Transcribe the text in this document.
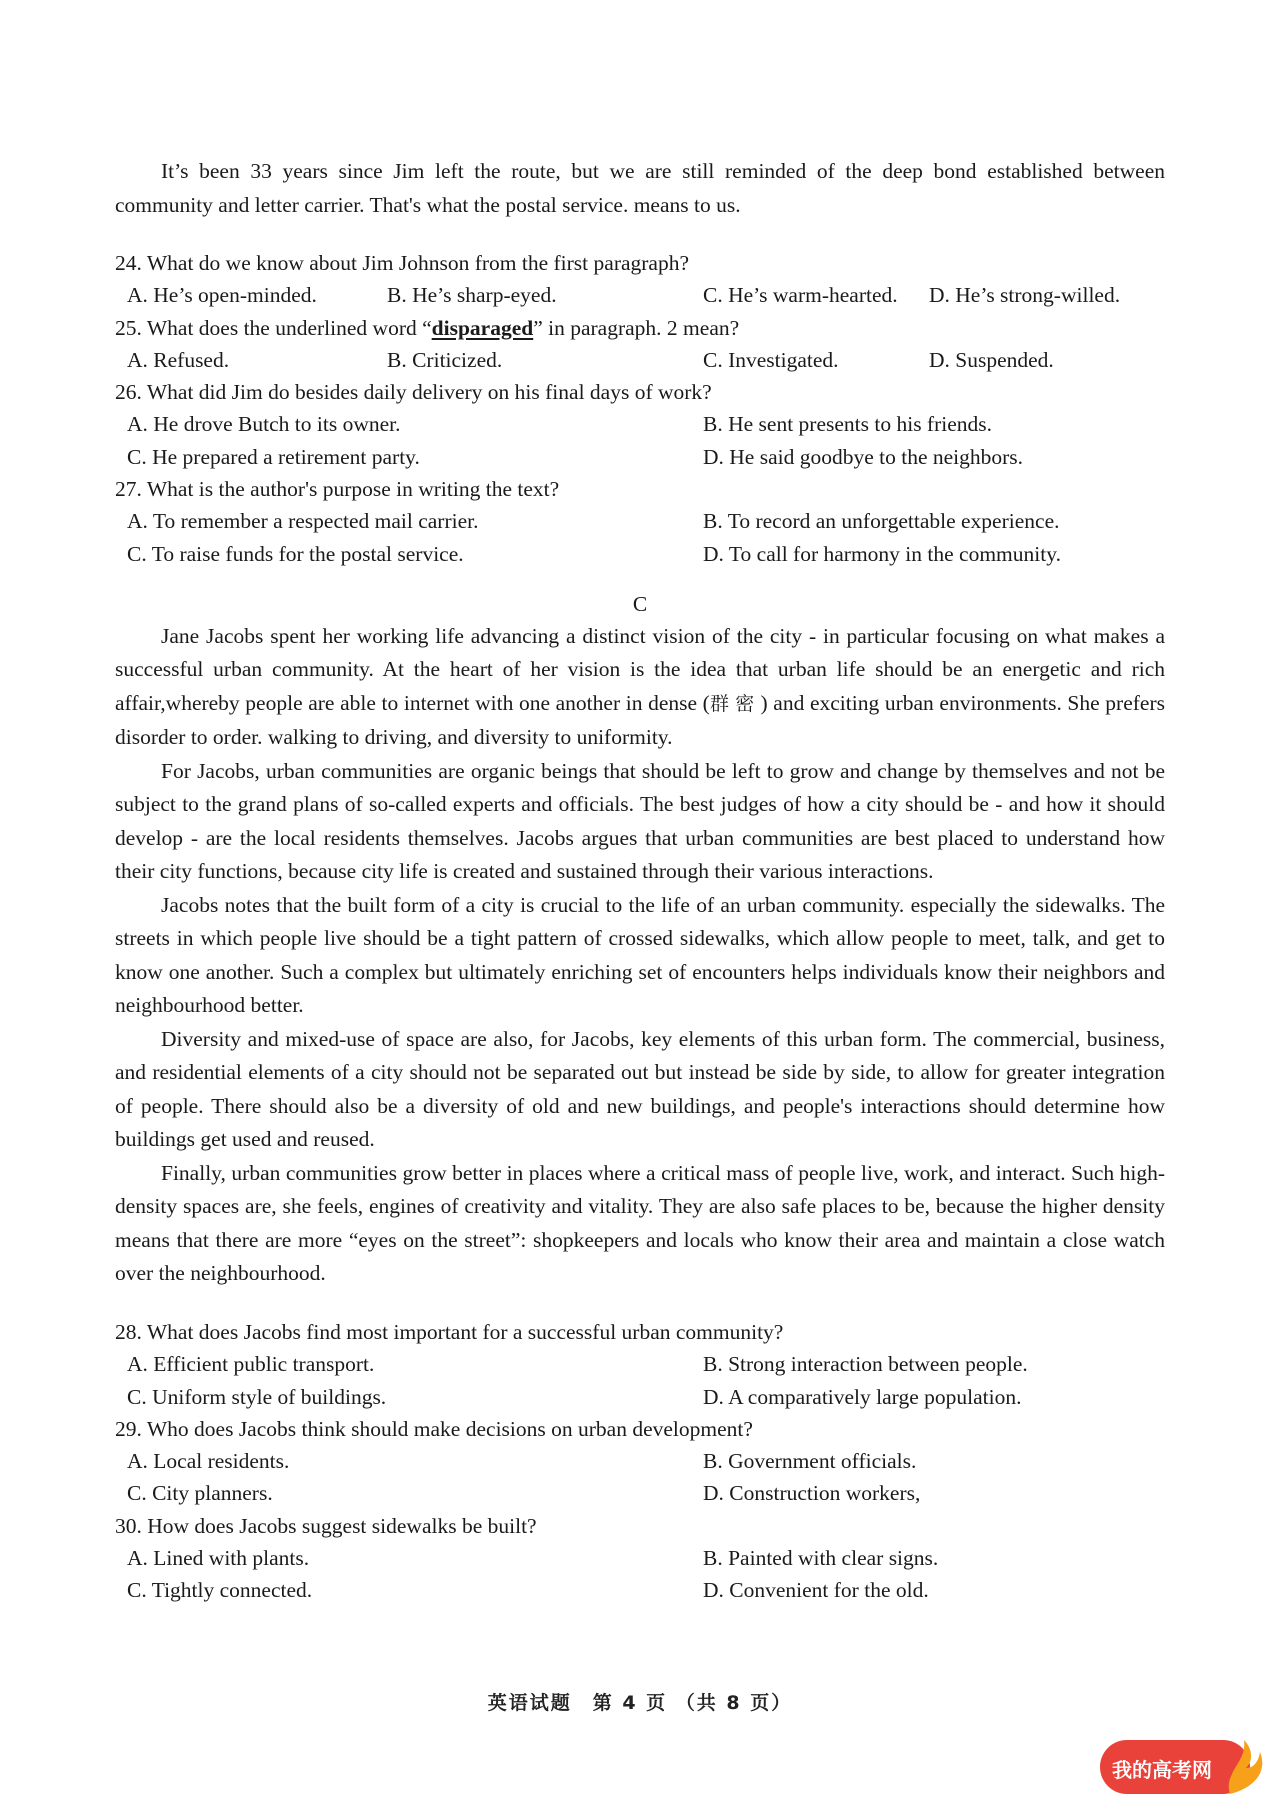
It’s been 33 years since Jim left the route, but we are still reminded of the deep bond established between community and letter carrier. That's what the postal service. means to us.

24. What do we know about Jim Johnson from the first paragraph?

A. He’s open-minded.	B. He’s sharp-eyed.	C. He’s warm-hearted.	D. He’s strong-willed.

25. What does the underlined word “disparaged” in paragraph. 2 mean?

A. Refused.	B. Criticized.	C. Investigated.	D. Suspended.

26. What did Jim do besides daily delivery on his final days of work?

A. He drove Butch to its owner.	B. He sent presents to his friends.
C. He prepared a retirement party.	D. He said goodbye to the neighbors.

27. What is the author's purpose in writing the text?

A. To remember a respected mail carrier.	B. To record an unforgettable experience.
C. To raise funds for the postal service.	D. To call for harmony in the community.

C

Jane Jacobs spent her working life advancing a distinct vision of the city - in particular focusing on what makes a successful urban community. At the heart of her vision is the idea that urban life should be an energetic and rich affair,whereby people are able to internet with one another in dense (群密) and exciting urban environments. She prefers disorder to order. walking to driving, and diversity to uniformity.

For Jacobs, urban communities are organic beings that should be left to grow and change by themselves and not be subject to the grand plans of so-called experts and officials. The best judges of how a city should be - and how it should develop - are the local residents themselves. Jacobs argues that urban communities are best placed to understand how their city functions, because city life is created and sustained through their various interactions.

Jacobs notes that the built form of a city is crucial to the life of an urban community. especially the sidewalks. The streets in which people live should be a tight pattern of crossed sidewalks, which allow people to meet, talk, and get to know one another. Such a complex but ultimately enriching set of encounters helps individuals know their neighbors and neighbourhood better.

Diversity and mixed-use of space are also, for Jacobs, key elements of this urban form. The commercial, business, and residential elements of a city should not be separated out but instead be side by side, to allow for greater integration of people. There should also be a diversity of old and new buildings, and people's interactions should determine how buildings get used and reused.

Finally, urban communities grow better in places where a critical mass of people live, work, and interact. Such high-density spaces are, she feels, engines of creativity and vitality. They are also safe places to be, because the higher density means that there are more “eyes on the street”: shopkeepers and locals who know their area and maintain a close watch over the neighbourhood.

28. What does Jacobs find most important for a successful urban community?

A. Efficient public transport.	B. Strong interaction between people.
C. Uniform style of buildings.	D. A comparatively large population.

29. Who does Jacobs think should make decisions on urban development?

A. Local residents.	B. Government officials.
C. City planners.	D. Construction workers,

30. How does Jacobs suggest sidewalks be built?

A. Lined with plants.	B. Painted with clear signs.
C. Tightly connected.	D. Convenient for the old.
英语试题　第 4 页 （共 8 页）
我的高考网
